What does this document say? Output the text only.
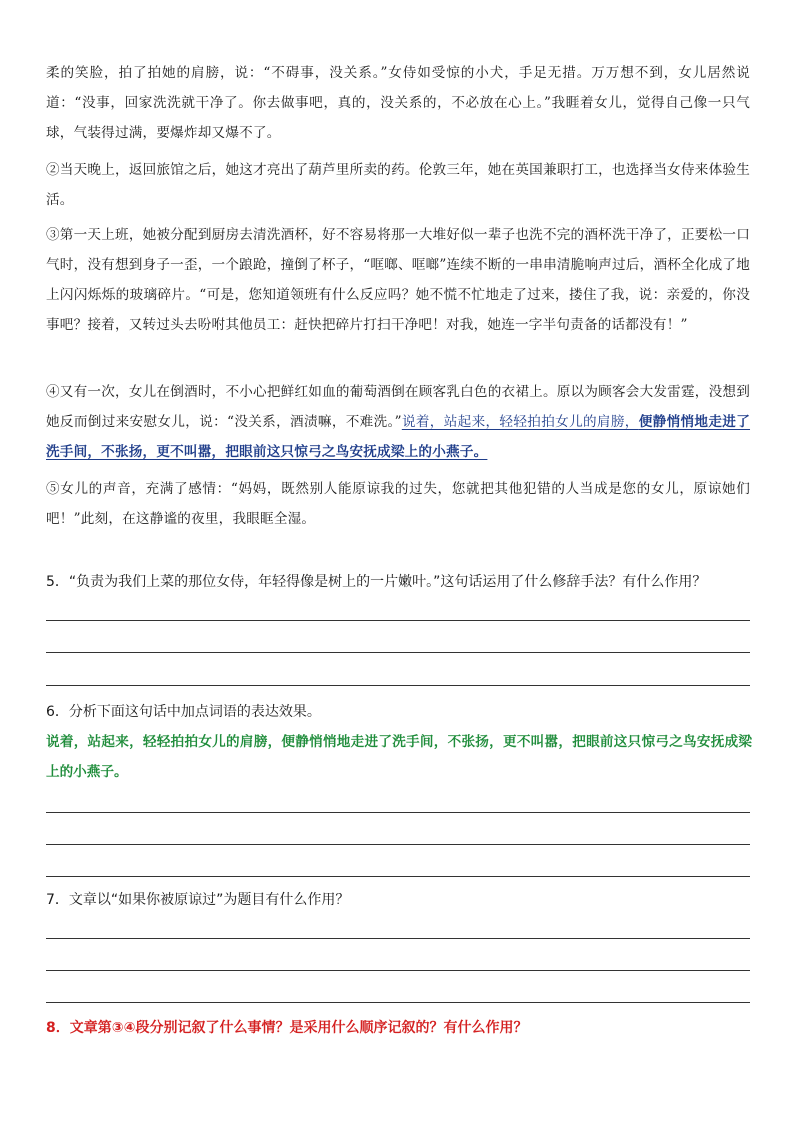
柔的笑脸，拍了拍她的肩膀，说：“不碍事，没关系。”女侍如受惊的小犬，手足无措。万万想不到，女儿居然说道：“没事，回家洗洗就干净了。你去做事吧，真的，没关系的，不必放在心上。”我睚着女儿，觉得自己像一只气球，气装得过满，要爆炸却又爆不了。

②当天晚上，返回旅馆之后，她这才亮出了葫芦里所卖的药。伦敦三年，她在英国兼职打工，也选择当女侍来体验生活。

③第一天上班，她被分配到厨房去清洗酒杯，好不容易将那一大堆好似一辈子也洗不完的酒杯洗干净了，正要松一口气时，没有想到身子一歪，一个踉跄，撞倒了杯子，“哐啷、哐啷”连续不断的一串串清脆响声过后，酒杯全化成了地上闪闪烁烁的玻璃碎片。“可是，您知道领班有什么反应吗？她不慌不忙地走了过来，搂住了我，说：亲爱的，你没事吧？接着，又转过头去吩咐其他员工：赶快把碎片打扫干净吧！对我，她连一字半句责备的话都没有！”

④又有一次，女儿在倒酒时，不小心把鲜红如血的葡萄酒倒在顾客乳白色的衣裙上。原以为顾客会大发雷霆，没想到她反而倒过来安慰女儿，说：“没关系，酒渍嘛，不难洗。”说着，站起来，轻轻拍拍女儿的肩膀，便静悄悄地走进了洗手间，不张扬，更不叫嚣，把眼前这只惊弓之鸟安抚成梁上的小燕子。

⑤女儿的声音，充满了感情：“妈妈，既然别人能原谅我的过失，您就把其他犯错的人当成是您的女儿，原谅她们吧！”此刻，在这静谧的夜里，我眼眶全湿。

5．“负责为我们上菜的那位女侍，年轻得像是树上的一片嫩叶。”这句话运用了什么修辞手法？有什么作用？

6．分析下面这句话中加点词语的表达效果。

说着，站起来，轻轻拍拍女儿的肩膀，便静悄悄地走进了洗手间，不张扬，更不叫嚣，把眼前这只惊弓之鸟安抚成梁上的小燕子。

7．文章以“如果你被原谅过”为题目有什么作用？

8．文章第③④段分别记叙了什么事情？是采用什么顺序记叙的？有什么作用？
